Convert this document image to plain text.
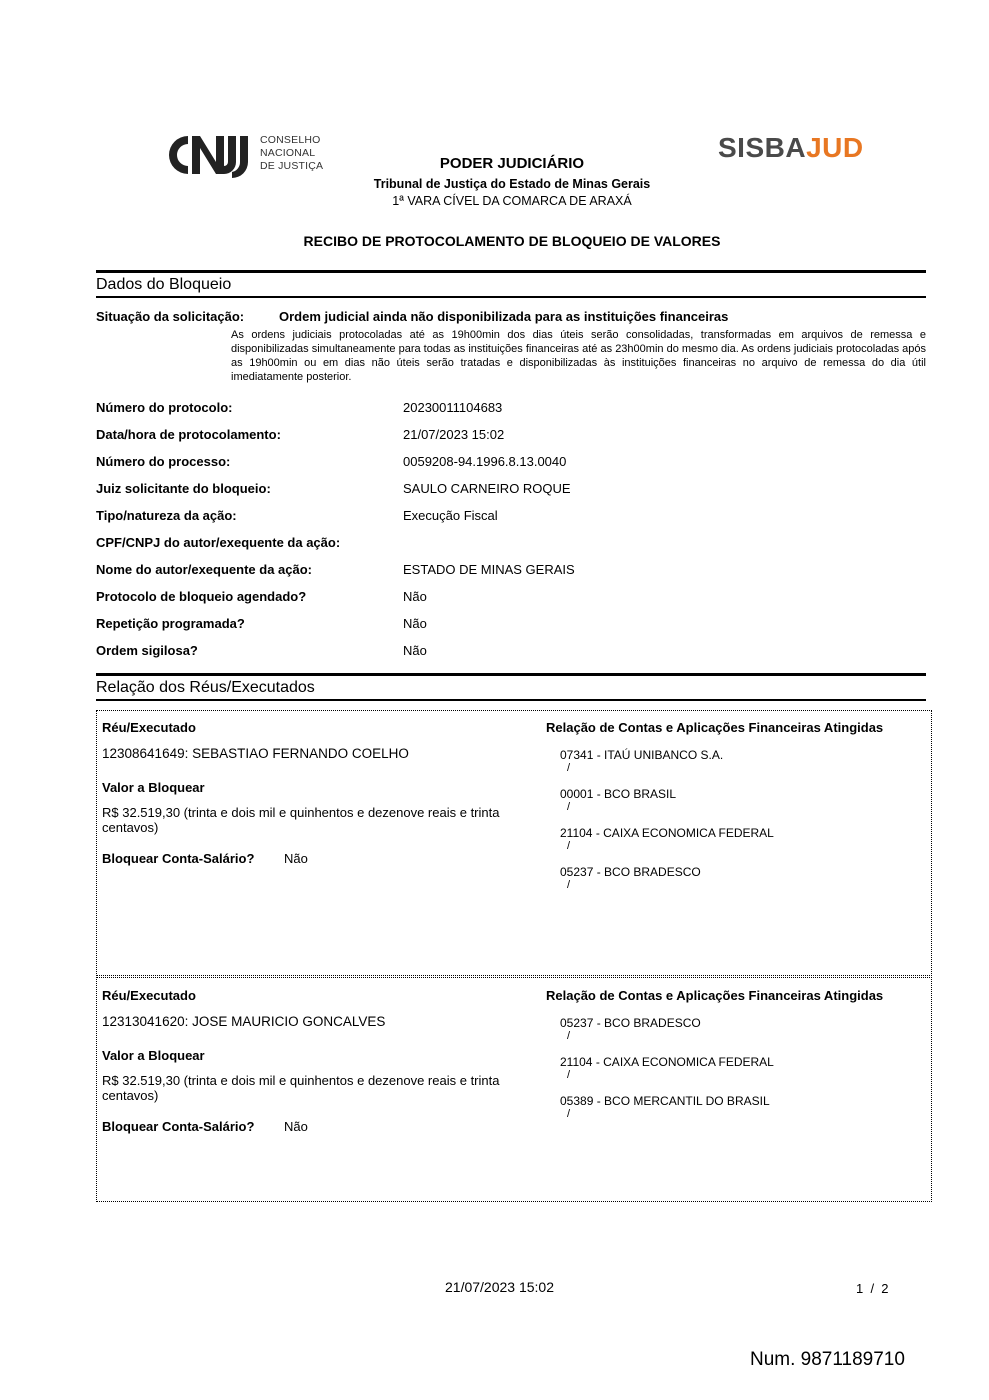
CONSELHO
NACIONAL
DE JUSTIÇA
SISBAJUD
PODER JUDICIÁRIO
Tribunal de Justiça do Estado de Minas Gerais
1ª VARA CÍVEL DA COMARCA DE ARAXÁ
RECIBO DE PROTOCOLAMENTO DE BLOQUEIO DE VALORES
Dados do Bloqueio
Situação da solicitação:	Ordem judicial ainda não disponibilizada para as instituições financeiras
As ordens judiciais protocoladas até as 19h00min dos dias úteis serão consolidadas, transformadas em arquivos de remessa e disponibilizadas simultaneamente para todas as instituições financeiras até as 23h00min do mesmo dia. As ordens judiciais protocoladas após as 19h00min ou em dias não úteis serão tratadas e disponibilizadas às instituições financeiras no arquivo de remessa do dia útil imediatamente posterior.
Número do protocolo:	20230011104683
Data/hora de protocolamento:	21/07/2023 15:02
Número do processo:	0059208-94.1996.8.13.0040
Juiz solicitante do bloqueio:	SAULO CARNEIRO ROQUE
Tipo/natureza da ação:	Execução Fiscal
CPF/CNPJ do autor/exequente da ação:
Nome do autor/exequente da ação:	ESTADO DE MINAS GERAIS
Protocolo de bloqueio agendado?	Não
Repetição programada?	Não
Ordem sigilosa?	Não
Relação dos Réus/Executados
Réu/Executado
12308641649: SEBASTIAO FERNANDO COELHO
Valor a Bloquear
R$ 32.519,30 (trinta e dois mil e quinhentos e dezenove reais e trinta centavos)
Bloquear Conta-Salário? Não
Relação de Contas e Aplicações Financeiras Atingidas
07341 - ITAÚ UNIBANCO S.A.
/
00001 - BCO BRASIL
/
21104 - CAIXA ECONOMICA FEDERAL
/
05237 - BCO BRADESCO
/
Réu/Executado
12313041620: JOSE MAURICIO GONCALVES
Valor a Bloquear
R$ 32.519,30 (trinta e dois mil e quinhentos e dezenove reais e trinta centavos)
Bloquear Conta-Salário? Não
Relação de Contas e Aplicações Financeiras Atingidas
05237 - BCO BRADESCO
/
21104 - CAIXA ECONOMICA FEDERAL
/
05389 - BCO MERCANTIL DO BRASIL
/
21/07/2023 15:02	1  /  2
Num. 9871189710
